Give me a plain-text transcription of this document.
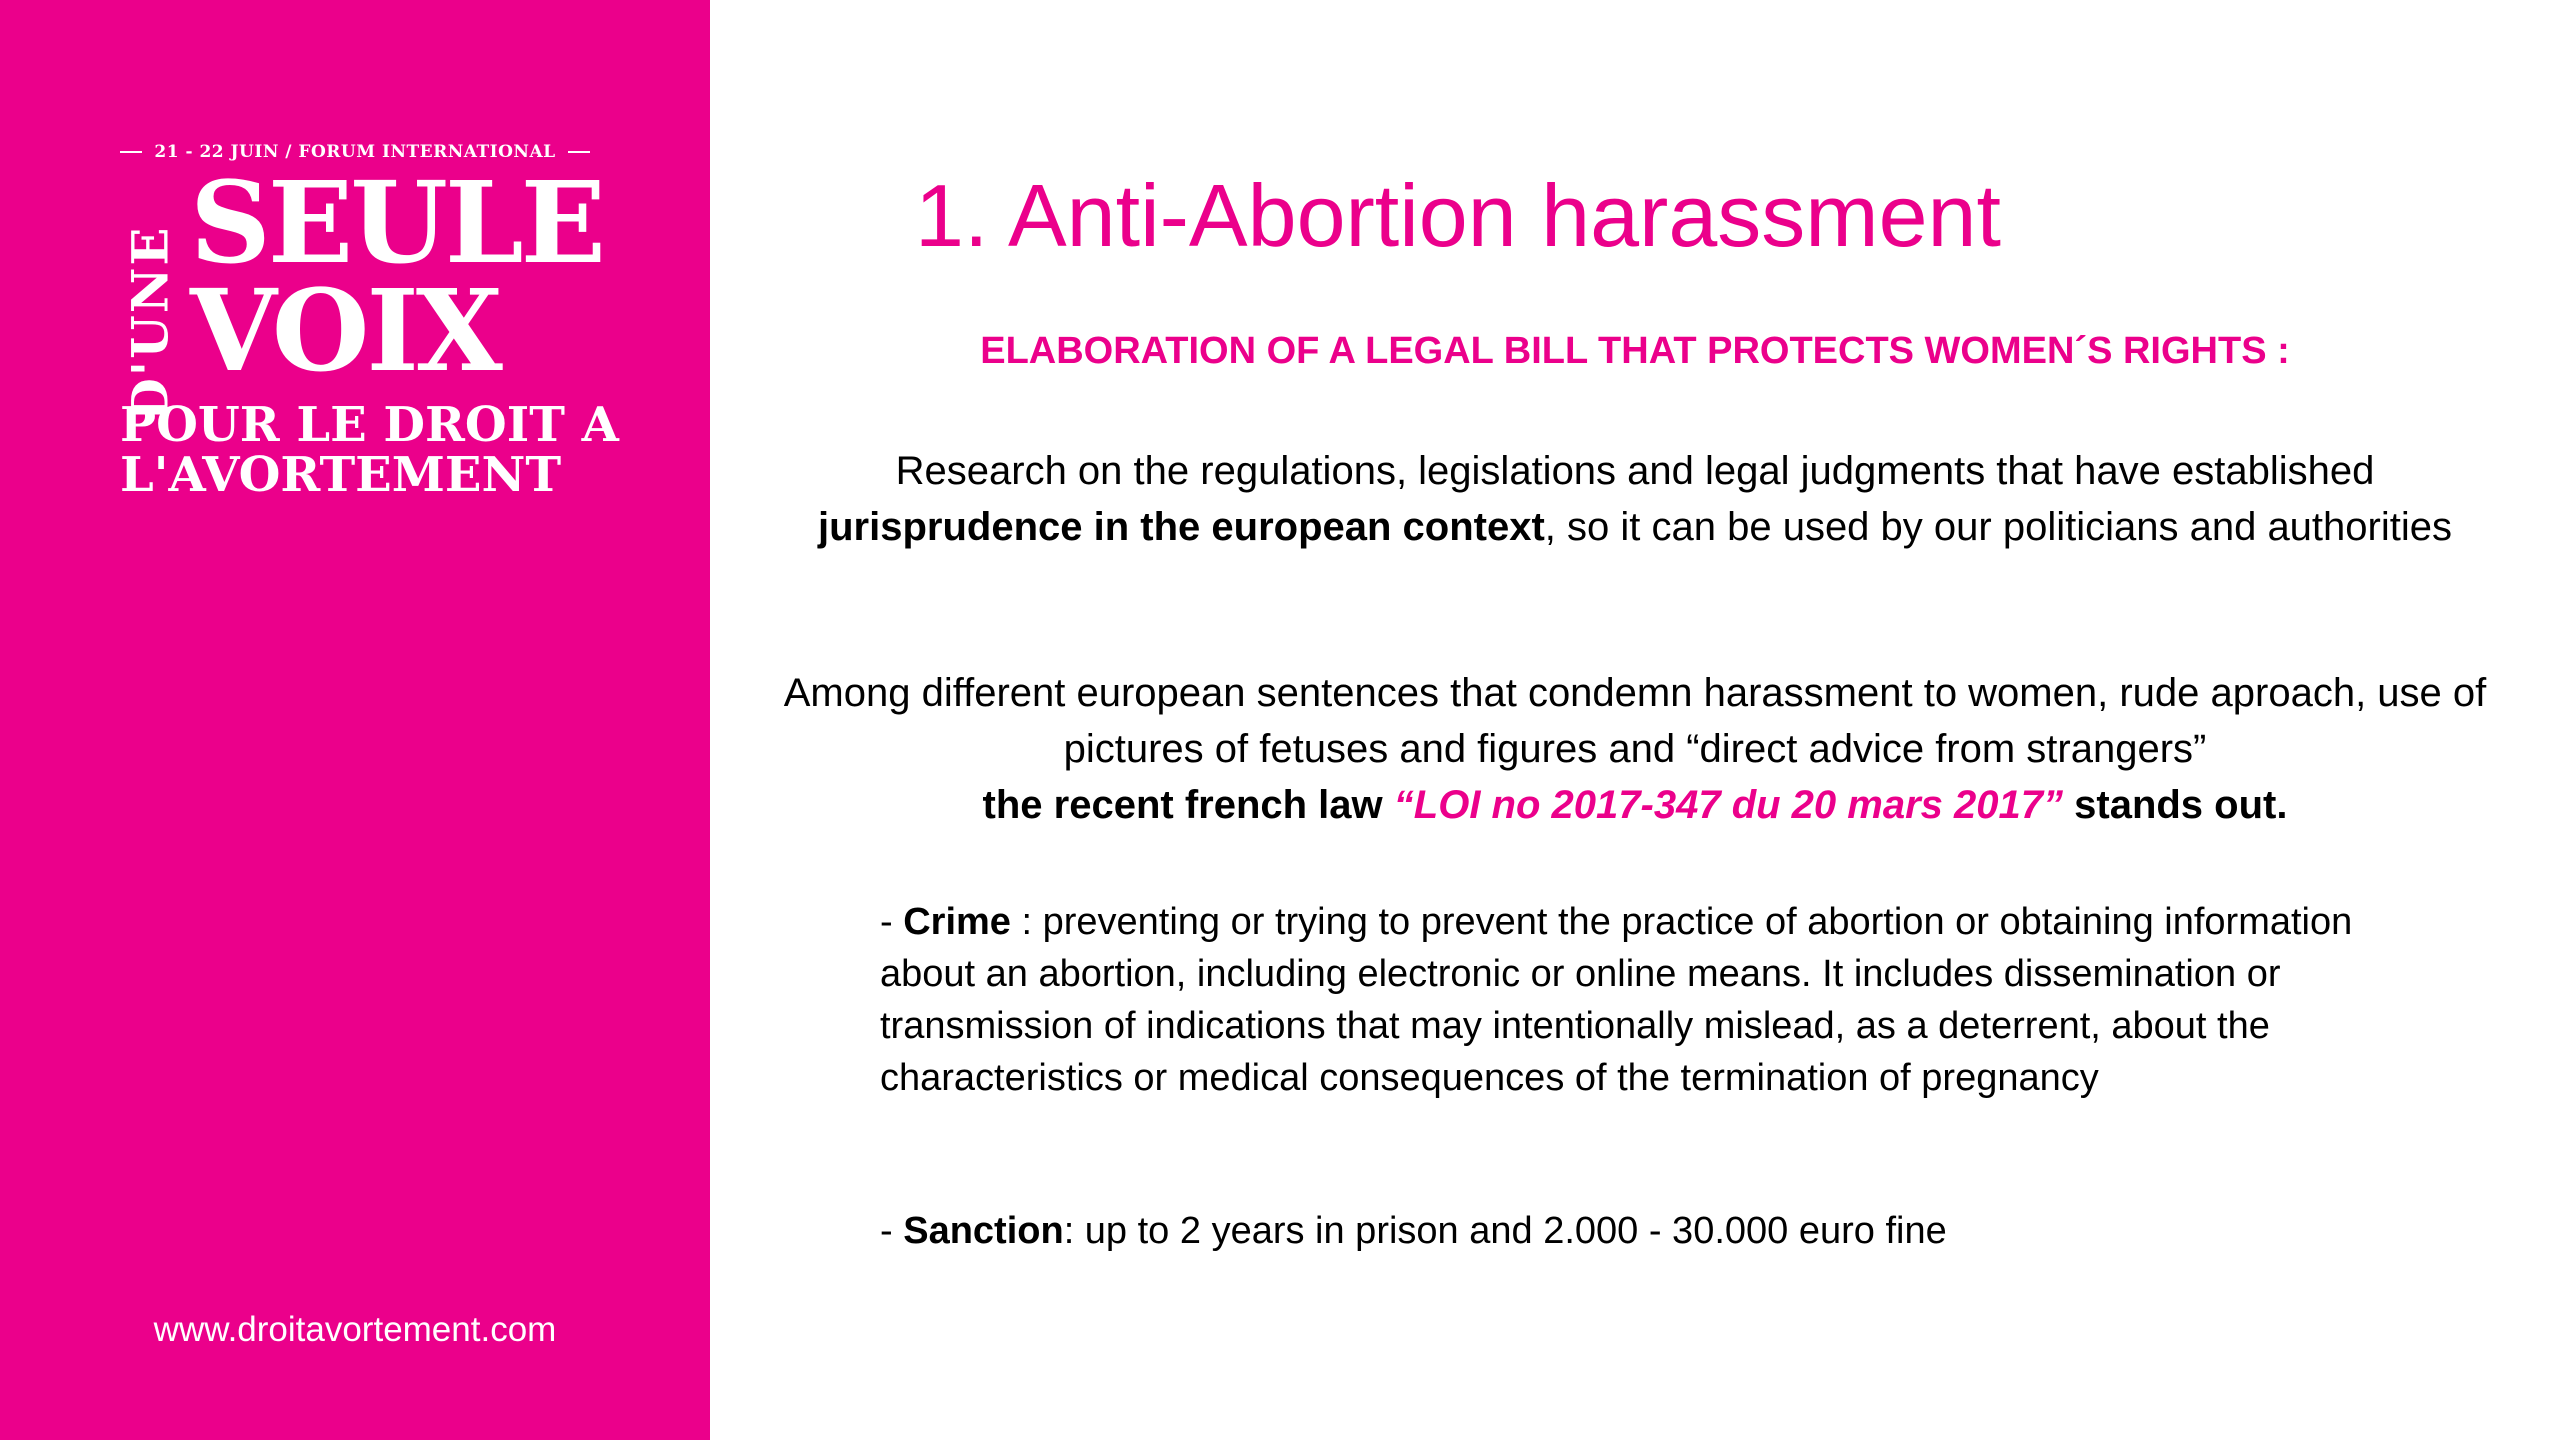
21 - 22 JUIN / FORUM INTERNATIONAL
D'UNE
SEULE
VOIX
POUR LE DROIT A
L'AVORTEMENT
www.droitavortement.com
1. Anti-Abortion harassment
ELABORATION OF A LEGAL BILL THAT PROTECTS WOMEN´S RIGHTS :
Research on the regulations, legislations and legal judgments that have established jurisprudence in the european context, so it can be used by our politicians and authorities
Among different european sentences that condemn harassment to women, rude aproach, use of pictures of fetuses and figures and “direct advice from strangers”
the recent french law “LOI no 2017-347 du 20 mars 2017” stands out.
- Crime : preventing or trying to prevent the practice of abortion or obtaining information about an abortion, including electronic or online means. It includes dissemination or transmission of indications that may intentionally mislead, as a deterrent, about the characteristics or medical consequences of the termination of pregnancy
- Sanction: up to 2 years in prison and 2.000 - 30.000 euro fine
